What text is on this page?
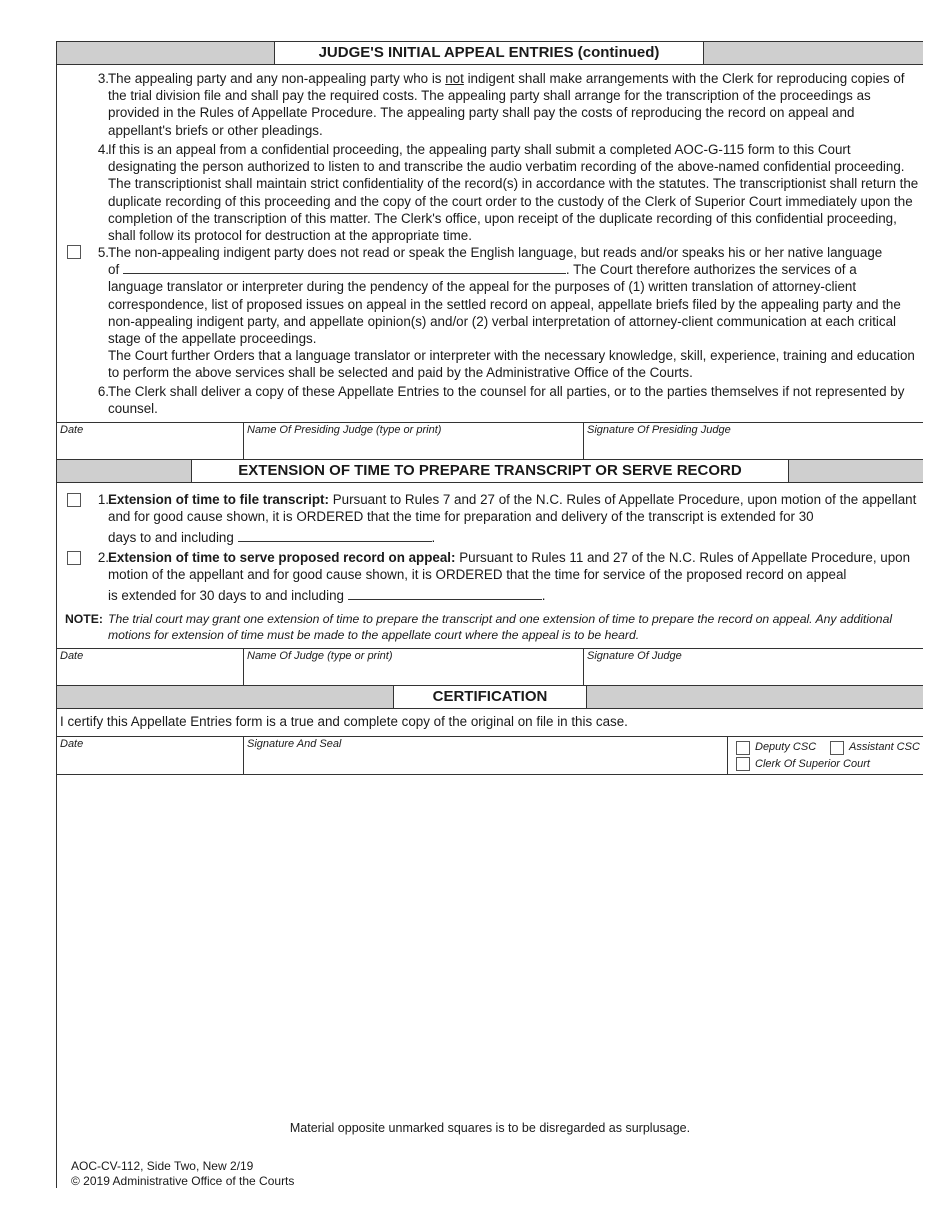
JUDGE'S INITIAL APPEAL ENTRIES (continued)
3. The appealing party and any non-appealing party who is not indigent shall make arrangements with the Clerk for reproducing copies of the trial division file and shall pay the required costs. The appealing party shall arrange for the transcription of the proceedings as provided in the Rules of Appellate Procedure. The appealing party shall pay the costs of reproducing the record on appeal and appellant's briefs or other pleadings.
4. If this is an appeal from a confidential proceeding, the appealing party shall submit a completed AOC-G-115 form to this Court designating the person authorized to listen to and transcribe the audio verbatim recording of the above-named confidential proceeding. The transcriptionist shall maintain strict confidentiality of the record(s) in accordance with the statutes. The transcriptionist shall return the duplicate recording of this proceeding and the copy of the court order to the custody of the Clerk of Superior Court immediately upon the completion of the transcription of this matter. The Clerk's office, upon receipt of the duplicate recording of this confidential proceeding, shall follow its protocol for destruction at the appropriate time.
5. The non-appealing indigent party does not read or speak the English language, but reads and/or speaks his or her native language

of	. The Court therefore authorizes the services of a

language translator or interpreter during the pendency of the appeal for the purposes of (1) written translation of attorney-client correspondence, list of proposed issues on appeal in the settled record on appeal, appellate briefs filed by the appealing party and the non-appealing indigent party, and appellate opinion(s) and/or (2) verbal interpretation of attorney-client communication at each critical stage of the appellate proceedings.

The Court further Orders that a language translator or interpreter with the necessary knowledge, skill, experience, training and education to perform the above services shall be selected and paid by the Administrative Office of the Courts.

6. The Clerk shall deliver a copy of these Appellate Entries to the counsel for all parties, or to the parties themselves if not represented by counsel.
Date	Name Of Presiding Judge (type or print)	Signature Of Presiding Judge
EXTENSION OF TIME TO PREPARE TRANSCRIPT OR SERVE RECORD
1. Extension of time to file transcript: Pursuant to Rules 7 and 27 of the N.C. Rules of Appellate Procedure, upon motion of the appellant and for good cause shown, it is ORDERED that the time for preparation and delivery of the transcript is extended for 30

days to and including	.

2. Extension of time to serve proposed record on appeal: Pursuant to Rules 11 and 27 of the N.C. Rules of Appellate Procedure, upon motion of the appellant and for good cause shown, it is ORDERED that the time for service of the proposed record on appeal

is extended for 30 days to and including	.

NOTE: The trial court may grant one extension of time to prepare the transcript and one extension of time to prepare the record on appeal. Any additional motions for extension of time must be made to the appellate court where the appeal is to be heard.
Date	Name Of Judge (type or print)	Signature Of Judge
CERTIFICATION
I certify this Appellate Entries form is a true and complete copy of the original on file in this case.
Date	Signature And Seal	Deputy CSC	Assistant CSC
Clerk Of Superior Court
Material opposite unmarked squares is to be disregarded as surplusage.
AOC-CV-112, Side Two, New 2/19
© 2019 Administrative Office of the Courts
